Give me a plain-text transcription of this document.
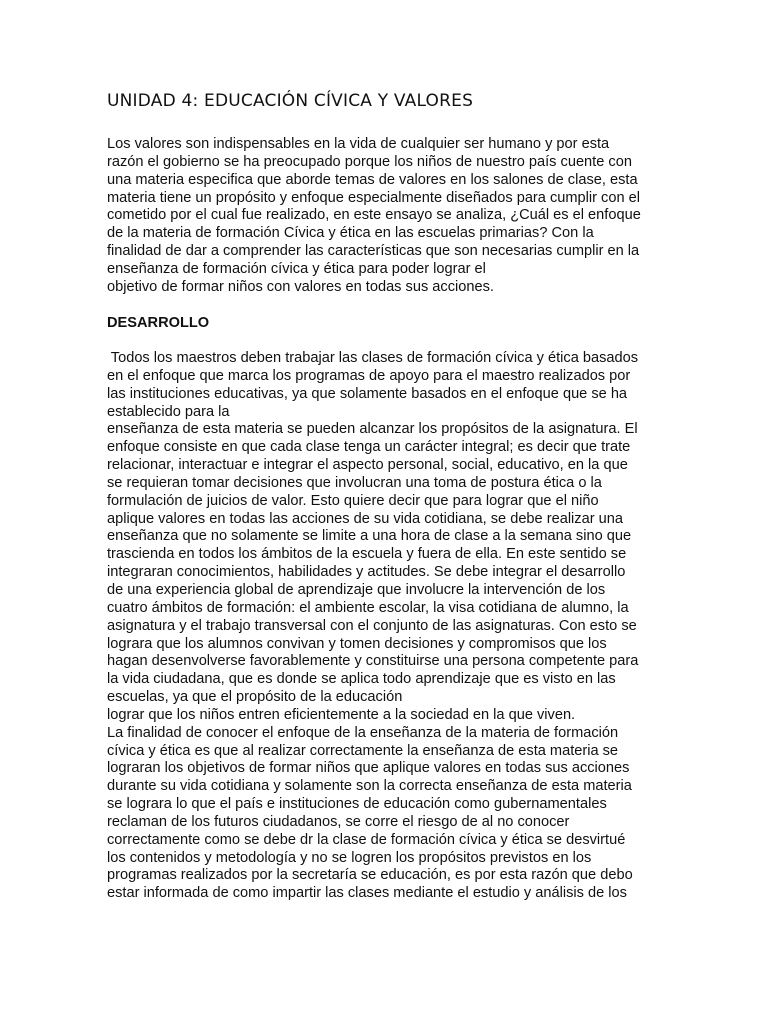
UNIDAD 4: EDUCACIÓN CÍVICA Y VALORES
Los valores son indispensables en la vida de cualquier ser humano y por esta
razón el gobierno se ha preocupado porque los niños de nuestro país cuente con
una materia especifica que aborde temas de valores en los salones de clase, esta
materia tiene un propósito y enfoque especialmente diseñados para cumplir con el
cometido por el cual fue realizado, en este ensayo se analiza, ¿Cuál es el enfoque
de la materia de formación Cívica y ética en las escuelas primarias? Con la
finalidad de dar a comprender las características que son necesarias cumplir en la
enseñanza de formación cívica y ética para poder lograr el
objetivo de formar niños con valores en todas sus acciones.
DESARROLLO
Todos los maestros deben trabajar las clases de formación cívica y ética basados
en el enfoque que marca los programas de apoyo para el maestro realizados por
las instituciones educativas, ya que solamente basados en el enfoque que se ha
establecido para la
enseñanza de esta materia se pueden alcanzar los propósitos de la asignatura. El
enfoque consiste en que cada clase tenga un carácter integral; es decir que trate
relacionar, interactuar e integrar el aspecto personal, social, educativo, en la que
se requieran tomar decisiones que involucran una toma de postura ética o la
formulación de juicios de valor. Esto quiere decir que para lograr que el niño
aplique valores en todas las acciones de su vida cotidiana, se debe realizar una
enseñanza que no solamente se limite a una hora de clase a la semana sino que
trascienda en todos los ámbitos de la escuela y fuera de ella. En este sentido se
integraran conocimientos, habilidades y actitudes. Se debe integrar el desarrollo
de una experiencia global de aprendizaje que involucre la intervención de los
cuatro ámbitos de formación: el ambiente escolar, la visa cotidiana de alumno, la
asignatura y el trabajo transversal con el conjunto de las asignaturas. Con esto se
lograra que los alumnos convivan y tomen decisiones y compromisos que los
hagan desenvolverse favorablemente y constituirse una persona competente para
la vida ciudadana, que es donde se aplica todo aprendizaje que es visto en las
escuelas, ya que el propósito de la educación
lograr que los niños entren eficientemente a la sociedad en la que viven.
La finalidad de conocer el enfoque de la enseñanza de la materia de formación
cívica y ética es que al realizar correctamente la enseñanza de esta materia se
lograran los objetivos de formar niños que aplique valores en todas sus acciones
durante su vida cotidiana y solamente son la correcta enseñanza de esta materia
se lograra lo que el país e instituciones de educación como gubernamentales
reclaman de los futuros ciudadanos, se corre el riesgo de al no conocer
correctamente como se debe dr la clase de formación cívica y ética se desvirtué
los contenidos y metodología y no se logren los propósitos previstos en los
programas realizados por la secretaría se educación, es por esta razón que debo
estar informada de como impartir las clases mediante el estudio y análisis de los
